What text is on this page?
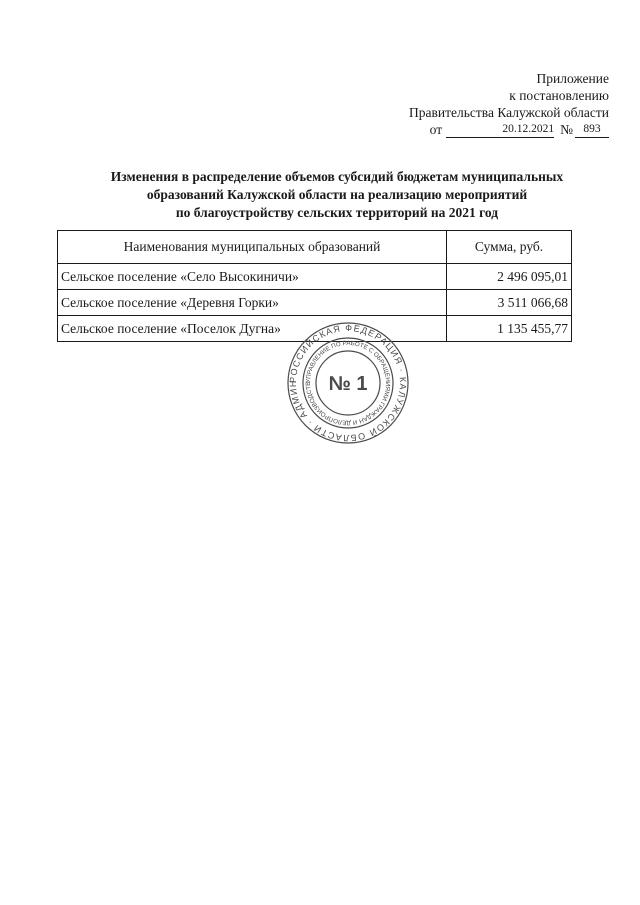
Приложение
к постановлению
Правительства Калужской области
от	20.12.2021 № 893
Изменения в распределение объемов субсидий бюджетам муниципальных
образований Калужской области на реализацию мероприятий
по благоустройству сельских территорий на 2021 год
Наименования муниципальных образований	Сумма, руб.
Сельское поселение «Село Высокиничи»	2 496 095,01
Сельское поселение «Деревня Горки»	3 511 066,68
Сельское поселение «Поселок Дугна»	1 135 455,77
РОССИЙСКАЯ ФЕДЕРАЦИЯ · КАЛУЖСКОЙ ОБЛАСТИ · АДМИН	УПРАВЛЕНИЕ ПО РАБОТЕ С ОБРАЩЕНИЯМИ ГРАЖДАН И ДЕЛОПРОИЗВОДСТВ № 1
